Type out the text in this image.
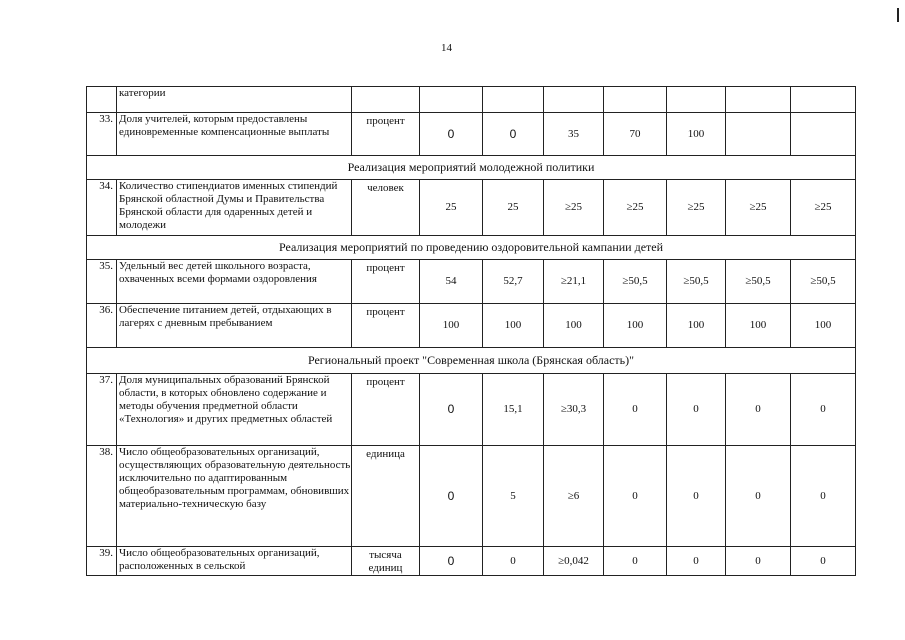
14
	категории								
33.	Доля учителей, которым предоставлены единовременные компенсационные выплаты	процент	0	0	35	70	100		
Реализация мероприятий молодежной политики									
34.	Количество стипендиатов именных стипендий Брянской областной Думы и Правительства Брянской области для одаренных детей и молодежи	человек	25	25	≥25	≥25	≥25	≥25	≥25
Реализация мероприятий по проведению оздоровительной кампании детей									
35.	Удельный вес детей школьного возраста, охваченных всеми формами оздоровления	процент	54	52,7	≥21,1	≥50,5	≥50,5	≥50,5	≥50,5
36.	Обеспечение питанием детей, отдыхающих в лагерях с дневным пребыванием	процент	100	100	100	100	100	100	100
Региональный проект "Современная школа (Брянская область)"									
37.	Доля муниципальных образований Брянской области, в которых обновлено содержание и методы обучения предметной области «Технология» и других предметных областей	процент	0	15,1	≥30,3	0	0	0	0
38.	Число общеобразовательных организаций, осуществляющих образовательную деятельность исключительно по адаптированным общеобразовательным программам, обновивших материально-техническую базу	единица	0	5	≥6	0	0	0	0
39.	Число общеобразовательных организаций, расположенных в сельской	тысяча единиц	0	0	≥0,042	0	0	0	0
